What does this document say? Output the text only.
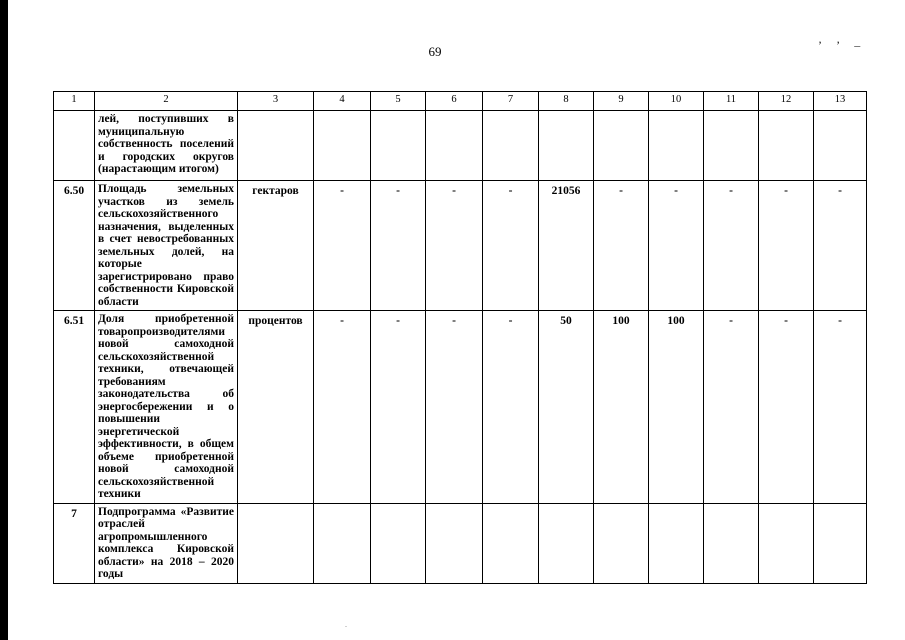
69	’ ’ –
1	2	3	4	5	6	7	8	9	10	11	12	13
	лей, поступивших в муниципальную собственность поселений и городских округов (нарастающим итогом)											
6.50	Площадь земельных участков из земель сельскохозяйственного назначения, выделенных в счет невостребованных земельных долей, на которые зарегистрировано право собственности Кировской области	гектаров	-	-	-	-	21056	-	-	-	-	-
6.51	Доля приобретенной товаропроизводителями новой самоходной сельскохозяйственной техники, отвечающей требованиям законодательства об энергосбережении и о повышении энергетической эффективности, в общем объеме приобретенной новой самоходной сельскохозяйственной техники	процентов	-	-	-	-	50	100	100	-	-	-
7	Подпрограмма «Развитие отраслей агропромышленного комплекса Кировской области» на 2018 – 2020 годы											
.
